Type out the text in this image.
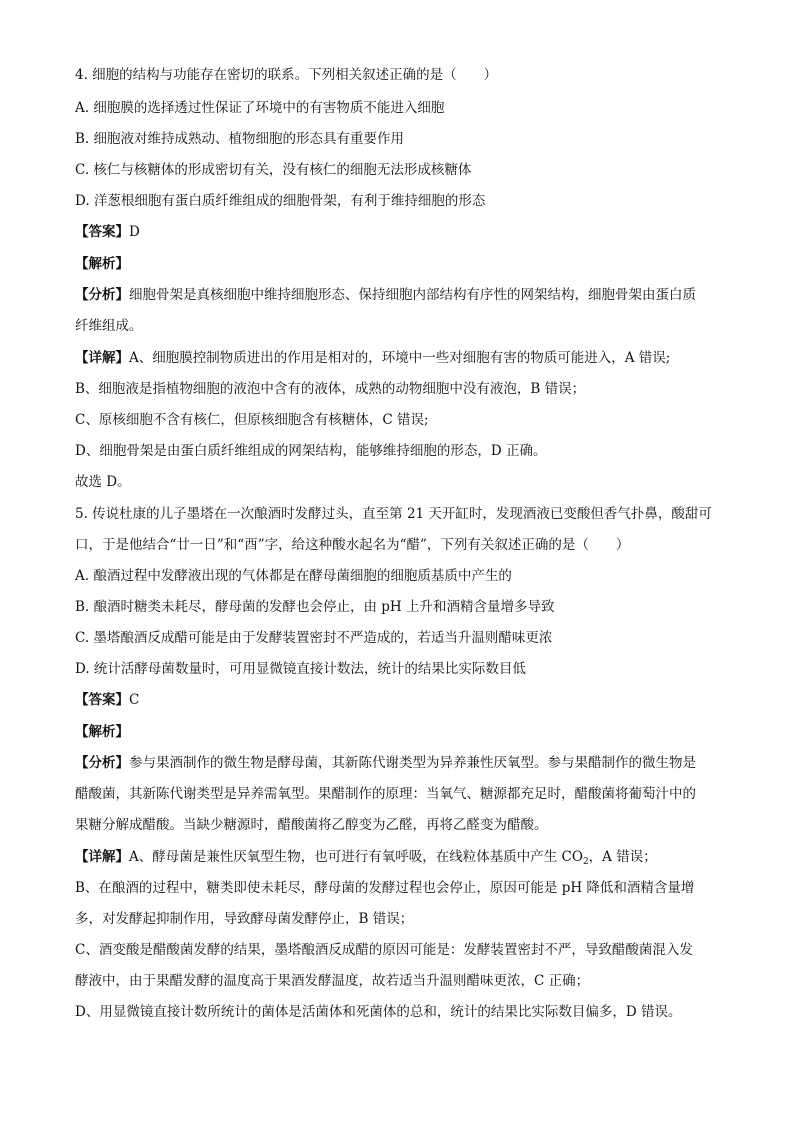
4. 细胞的结构与功能存在密切的联系。下列相关叙述正确的是（　　）

A. 细胞膜的选择透过性保证了环境中的有害物质不能进入细胞

B. 细胞液对维持成熟动、植物细胞的形态具有重要作用

C. 核仁与核糖体的形成密切有关，没有核仁的细胞无法形成核糖体

D. 洋葱根细胞有蛋白质纤维组成的细胞骨架，有利于维持细胞的形态

【答案】D

【解析】

【分析】细胞骨架是真核细胞中维持细胞形态、保持细胞内部结构有序性的网架结构，细胞骨架由蛋白质

纤维组成。

【详解】A、细胞膜控制物质进出的作用是相对的，环境中一些对细胞有害的物质可能进入，A 错误;

B、细胞液是指植物细胞的液泡中含有的液体，成熟的动物细胞中没有液泡，B 错误；

C、原核细胞不含有核仁，但原核细胞含有核糖体，C 错误;

D、细胞骨架是由蛋白质纤维组成的网架结构，能够维持细胞的形态，D 正确。

故选 D。

5. 传说杜康的儿子墨塔在一次酿酒时发酵过头，直至第 21 天开缸时，发现酒液已变酸但香气扑鼻，酸甜可

口，于是他结合“廿一日”和“酉”字，给这种酸水起名为“醋”，下列有关叙述正确的是（　　）

A. 酿酒过程中发酵液出现的气体都是在酵母菌细胞的细胞质基质中产生的

B. 酿酒时糖类未耗尽，酵母菌的发酵也会停止，由 pH 上升和酒精含量增多导致

C. 墨塔酿酒反成醋可能是由于发酵装置密封不严造成的，若适当升温则醋味更浓

D. 统计活酵母菌数量时，可用显微镜直接计数法，统计的结果比实际数目低

【答案】C

【解析】

【分析】参与果酒制作的微生物是酵母菌，其新陈代谢类型为异养兼性厌氧型。参与果醋制作的微生物是

醋酸菌，其新陈代谢类型是异养需氧型。果醋制作的原理：当氧气、糖源都充足时，醋酸菌将葡萄汁中的

果糖分解成醋酸。当缺少糖源时，醋酸菌将乙醇变为乙醛，再将乙醛变为醋酸。

【详解】A、酵母菌是兼性厌氧型生物，也可进行有氧呼吸，在线粒体基质中产生 $CO_2$，A 错误；

B、在酿酒的过程中，糖类即使未耗尽，酵母菌的发酵过程也会停止，原因可能是 pH 降低和酒精含量增

多，对发酵起抑制作用，导致酵母菌发酵停止，B 错误；

C、酒变酸是醋酸菌发酵的结果，墨塔酿酒反成醋的原因可能是：发酵装置密封不严，导致醋酸菌混入发

酵液中，由于果醋发酵的温度高于果酒发酵温度，故若适当升温则醋味更浓，C 正确；

D、用显微镜直接计数所统计的菌体是活菌体和死菌体的总和，统计的结果比实际数目偏多，D 错误。
